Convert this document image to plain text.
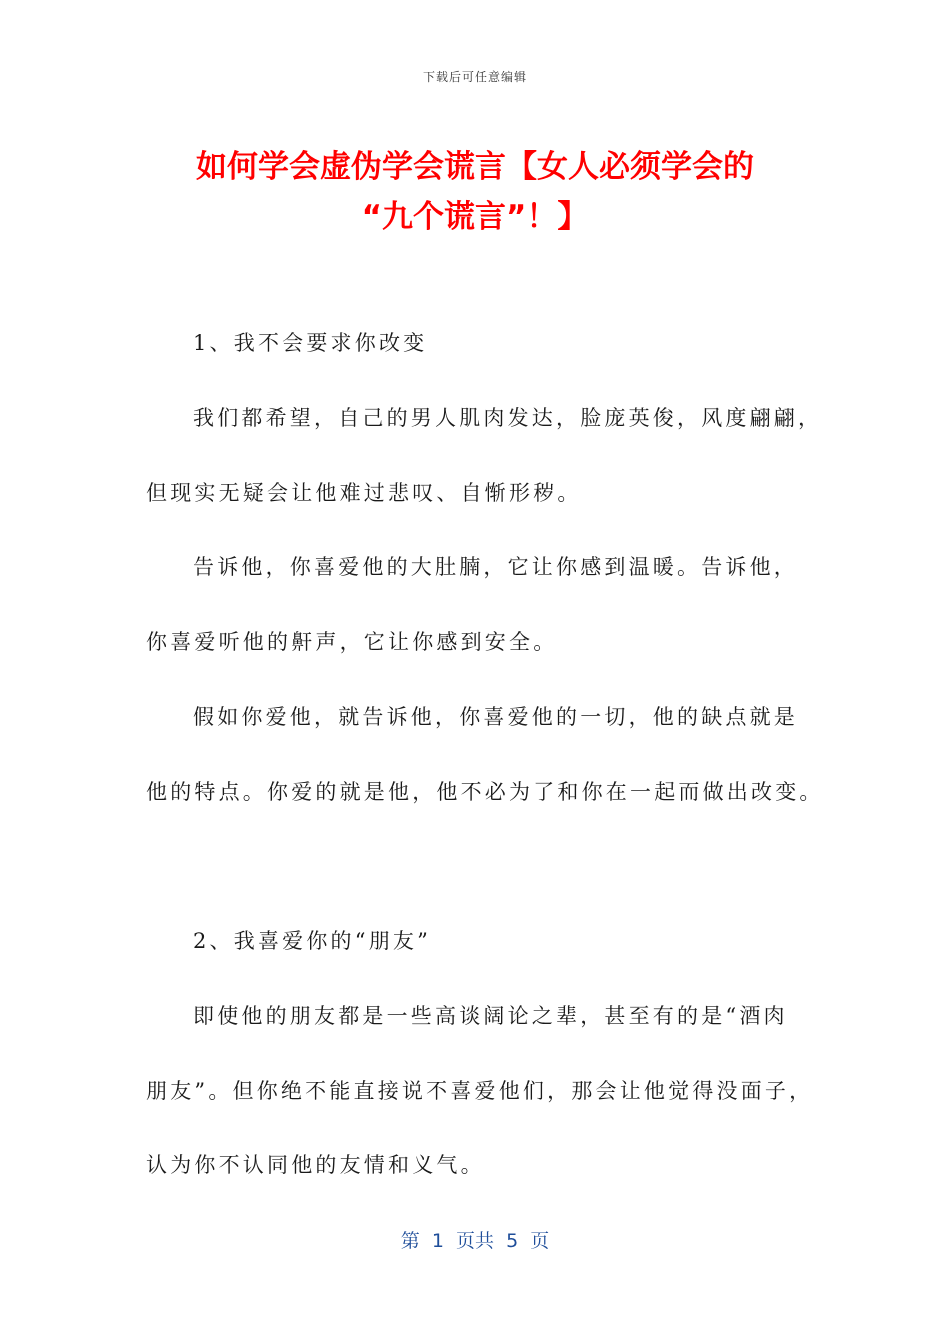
下载后可任意编辑
如何学会虚伪学会谎言【女人必须学会的
“九个谎言”！】
1、我不会要求你改变
我们都希望，自己的男人肌肉发达，脸庞英俊，风度翩翩，
但现实无疑会让他难过悲叹、自惭形秽。
告诉他，你喜爱他的大肚腩，它让你感到温暖。告诉他，
你喜爱听他的鼾声，它让你感到安全。
假如你爱他，就告诉他，你喜爱他的一切，他的缺点就是
他的特点。你爱的就是他，他不必为了和你在一起而做出改变。
2、我喜爱你的“朋友”
即使他的朋友都是一些高谈阔论之辈，甚至有的是“酒肉
朋友”。但你绝不能直接说不喜爱他们，那会让他觉得没面子，
认为你不认同他的友情和义气。
第  1  页共  5  页
